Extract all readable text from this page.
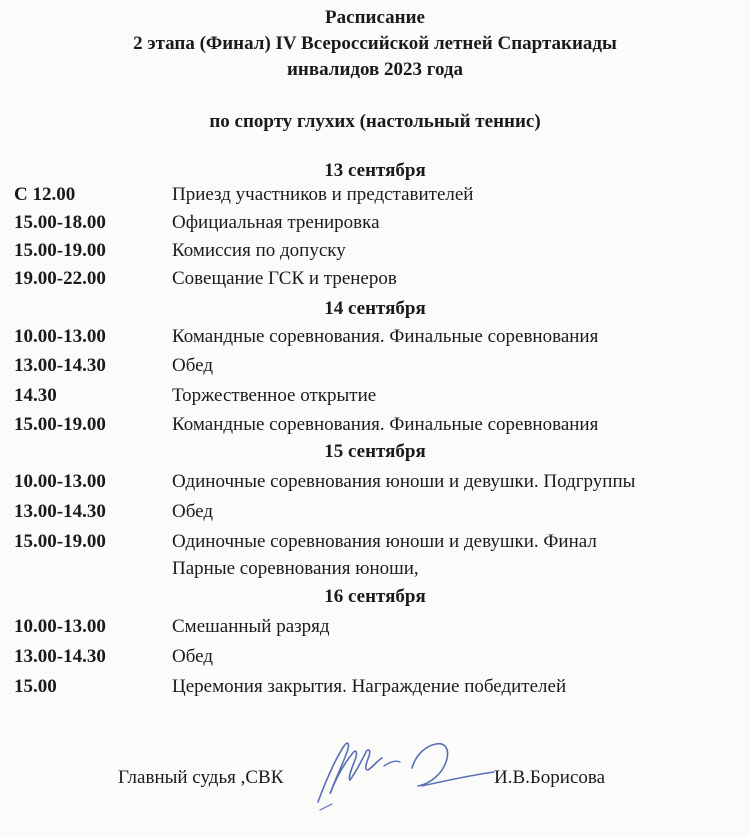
Расписание
2 этапа (Финал) IV Всероссийской летней Спартакиады
инвалидов 2023 года
по спорту глухих (настольный теннис)
13 сентября
С 12.00	Приезд участников и представителей
15.00-18.00	Официальная тренировка
15.00-19.00	Комиссия по допуску
19.00-22.00	Совещание ГСК и тренеров
14 сентября
10.00-13.00	Командные соревнования. Финальные соревнования
13.00-14.30	Обед
14.30	Торжественное открытие
15.00-19.00	Командные соревнования. Финальные соревнования
15 сентября
10.00-13.00	Одиночные соревнования юноши и девушки. Подгруппы
13.00-14.30	Обед
15.00-19.00	Одиночные соревнования юноши и девушки. Финал
Парные соревнования юноши,
16 сентября
10.00-13.00	Смешанный разряд
13.00-14.30	Обед
15.00	Церемония закрытия. Награждение победителей
Главный судья ,СВК	И.В.Борисова
